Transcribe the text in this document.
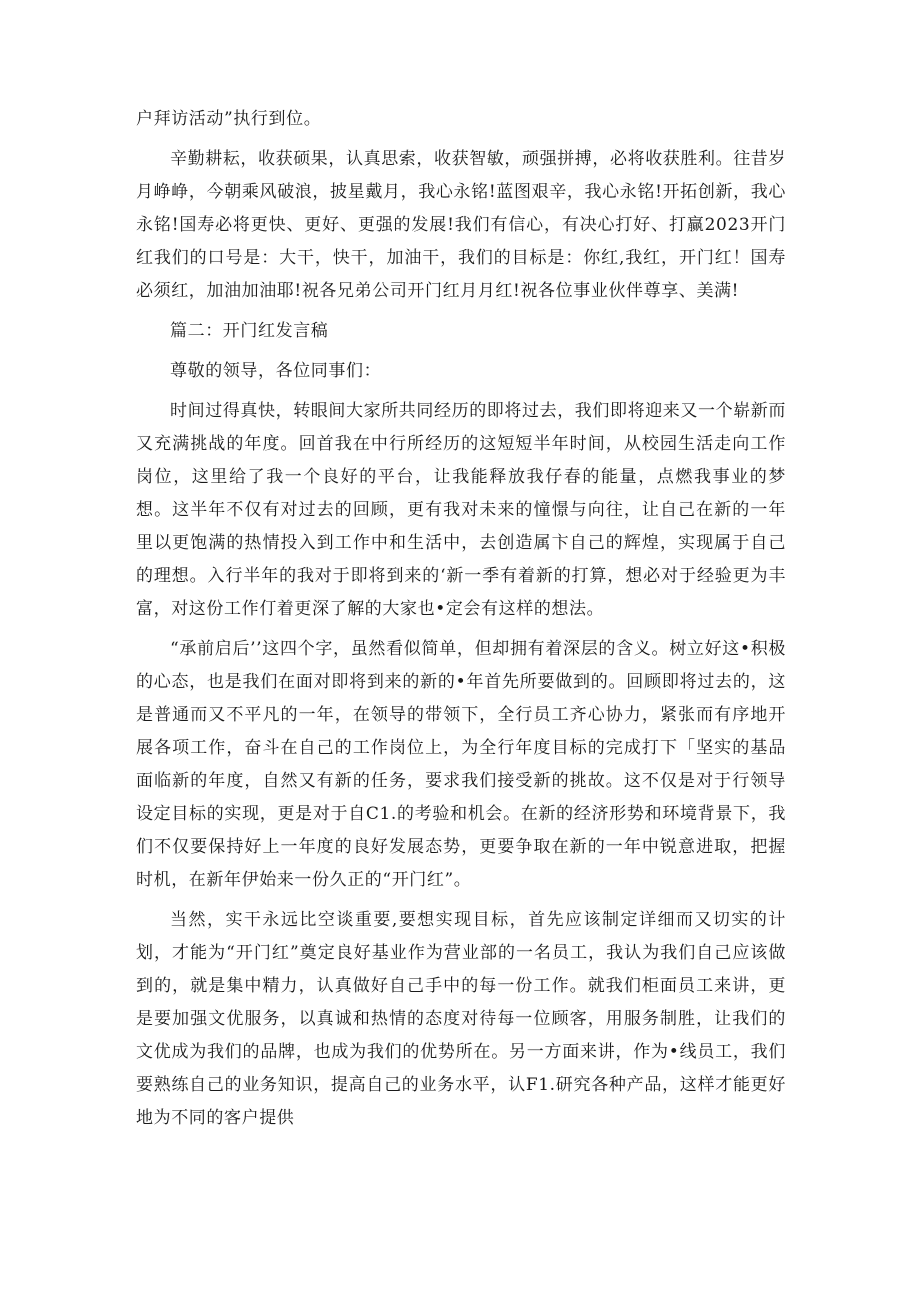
户拜访活动”执行到位。

辛勤耕耘，收获硕果，认真思索，收获智敏，顽强拼搏，必将收获胜利。往昔岁月峥峥，今朝乘风破浪，披星戴月，我心永铭!蓝图艰辛，我心永铭!开拓创新，我心永铭!国寿必将更快、更好、更强的发展!我们有信心，有决心打好、打赢2023开门红我们的口号是：大干，快干，加油干，我们的目标是：你红,我红，开门红！国寿必须红，加油加油耶!祝各兄弟公司开门红月月红!祝各位事业伙伴尊享、美满!

篇二：开门红发言稿

尊敬的领导，各位同事们：

时间过得真快，转眼间大家所共同经历的即将过去，我们即将迎来又一个崭新而又充满挑战的年度。回首我在中行所经历的这短短半年时间，从校园生活走向工作岗位，这里给了我一个良好的平台，让我能释放我仔春的能量，点燃我事业的梦想。这半年不仅有对过去的回顾，更有我对未来的憧憬与向往，让自己在新的一年里以更饱满的热情投入到工作中和生活中，去创造属卞自己的辉煌，实现属于自己的理想。入行半年的我对于即将到来的‘新一季有着新的打算，想必对于经验更为丰富，对这份工作仃着更深了解的大家也•定会有这样的想法。

“承前启后’’这四个字，虽然看似简单，但却拥有着深层的含义。树立好这•积极的心态，也是我们在面对即将到来的新的•年首先所要做到的。回顾即将过去的，这是普通而又不平凡的一年，在领导的带领下，全行员工齐心协力，紧张而有序地开展各项工作，奋斗在自己的工作岗位上，为全行年度目标的完成打下「坚实的基品面临新的年度，自然又有新的任务，要求我们接受新的挑故。这不仅是对于行领导设定目标的实现，更是对于自C1.的考验和机会。在新的经济形势和环境背景下，我们不仅要保持好上一年度的良好发展态势，更要争取在新的一年中锐意进取，把握时机，在新年伊始来一份久正的“开门红”。

当然，实干永远比空谈重要,要想实现目标，首先应该制定详细而又切实的计划，才能为“开门红”奠定良好基业作为营业部的一名员工，我认为我们自己应该做到的，就是集中精力，认真做好自己手中的每一份工作。就我们柜面员工来讲，更是要加强文优服务，以真诚和热情的态度对待每一位顾客，用服务制胜，让我们的文优成为我们的品牌，也成为我们的优势所在。另一方面来讲，作为•线员工，我们要熟练自己的业务知识，提高自己的业务水平，认F1.研究各种产品，这样才能更好地为不同的客户提供
